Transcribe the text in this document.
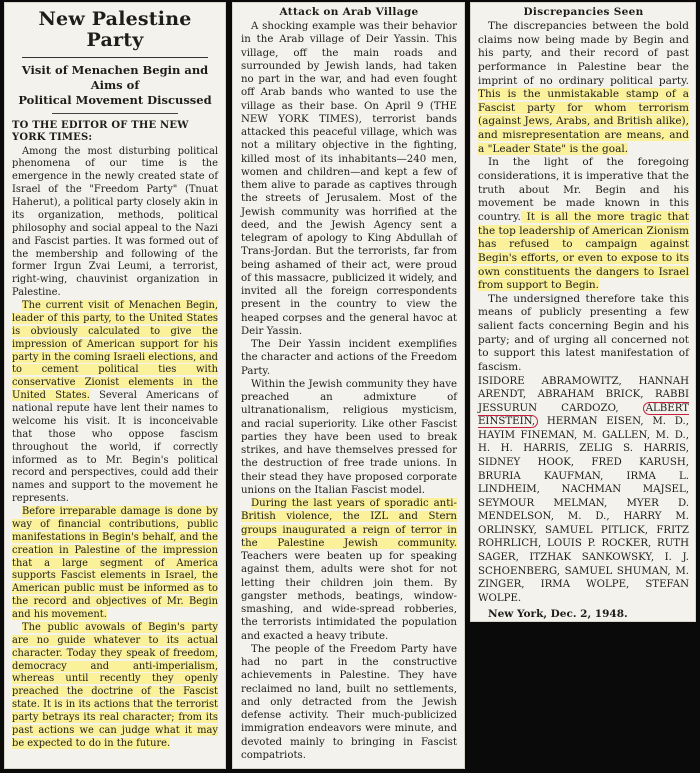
New Palestine Party
Visit of Menachen Begin and Aims of
Political Movement Discussed
TO THE EDITOR OF THE NEW YORK TIMES:

Among the most disturbing political phenomena of our time is the emergence in the newly created state of Israel of the "Freedom Party" (Tnuat Haherut), a political party closely akin in its organization, methods, political philosophy and social appeal to the Nazi and Fascist parties. It was formed out of the membership and following of the former Irgun Zvai Leumi, a terrorist, right-wing, chauvinist organization in Palestine.

The current visit of Menachen Begin, leader of this party, to the United States is obviously calculated to give the impression of American support for his party in the coming Israeli elections, and to cement political ties with conservative Zionist elements in the United States. Several Americans of national repute have lent their names to welcome his visit. It is inconceivable that those who oppose fascism throughout the world, if correctly informed as to Mr. Begin's political record and perspectives, could add their names and support to the movement he represents.

Before irreparable damage is done by way of financial contributions, public manifestations in Begin's behalf, and the creation in Palestine of the impression that a large segment of America supports Fascist elements in Israel, the American public must be informed as to the record and objectives of Mr. Begin and his movement.

The public avowals of Begin's party are no guide whatever to its actual character. Today they speak of freedom, democracy and anti-imperialism, whereas until recently they openly preached the doctrine of the Fascist state. It is in its actions that the terrorist party betrays its real character; from its past actions we can judge what it may be expected to do in the future.

Attack on Arab Village

A shocking example was their behavior in the Arab village of Deir Yassin. This village, off the main roads and surrounded by Jewish lands, had taken no part in the war, and had even fought off Arab bands who wanted to use the village as their base. On April 9 (THE NEW YORK TIMES), terrorist bands attacked this peaceful village, which was not a military objective in the fighting, killed most of its inhabitants—240 men, women and children—and kept a few of them alive to parade as captives through the streets of Jerusalem. Most of the Jewish community was horrified at the deed, and the Jewish Agency sent a telegram of apology to King Abdullah of Trans-Jordan. But the terrorists, far from being ashamed of their act, were proud of this massacre, publicized it widely, and invited all the foreign correspondents present in the country to view the heaped corpses and the general havoc at Deir Yassin.

The Deir Yassin incident exemplifies the character and actions of the Freedom Party.

Within the Jewish community they have preached an admixture of ultranationalism, religious mysticism, and racial superiority. Like other Fascist parties they have been used to break strikes, and have themselves pressed for the destruction of free trade unions. In their stead they have proposed corporate unions on the Italian Fascist model.

During the last years of sporadic anti-British violence, the IZL and Stern groups inaugurated a reign of terror in the Palestine Jewish community. Teachers were beaten up for speaking against them, adults were shot for not letting their children join them. By gangster methods, beatings, window-smashing, and wide-spread robberies, the terrorists intimidated the population and exacted a heavy tribute.

The people of the Freedom Party have had no part in the constructive achievements in Palestine. They have reclaimed no land, built no settlements, and only detracted from the Jewish defense activity. Their much-publicized immigration endeavors were minute, and devoted mainly to bringing in Fascist compatriots.

Discrepancies Seen

The discrepancies between the bold claims now being made by Begin and his party, and their record of past performance in Palestine bear the imprint of no ordinary political party. This is the unmistakable stamp of a Fascist party for whom terrorism (against Jews, Arabs, and British alike), and misrepresentation are means, and a "Leader State" is the goal.

In the light of the foregoing considerations, it is imperative that the truth about Mr. Begin and his movement be made known in this country. It is all the more tragic that the top leadership of American Zionism has refused to campaign against Begin's efforts, or even to expose to its own constituents the dangers to Israel from support to Begin.

The undersigned therefore take this means of publicly presenting a few salient facts concerning Begin and his party; and of urging all concerned not to support this latest manifestation of fascism.

ISIDORE ABRAMOWITZ, HANNAH ARENDT, ABRAHAM BRICK, RABBI JESSURUN CARDOZO, ALBERT EINSTEIN, HERMAN EISEN, M. D., HAYIM FINEMAN, M. GALLEN, M. D., H. H. HARRIS, ZELIG S. HARRIS, SIDNEY HOOK, FRED KARUSH, BRURIA KAUFMAN, IRMA L. LINDHEIM, NACHMAN MAJSEL, SEYMOUR MELMAN, MYER D. MENDELSON, M. D., HARRY M. ORLINSKY, SAMUEL PITLICK, FRITZ ROHRLICH, LOUIS P. ROCKER, RUTH SAGER, ITZHAK SANKOWSKY, I. J. SCHOENBERG, SAMUEL SHUMAN, M. ZINGER, IRMA WOLPE, STEFAN WOLPE.

New York, Dec. 2, 1948.
